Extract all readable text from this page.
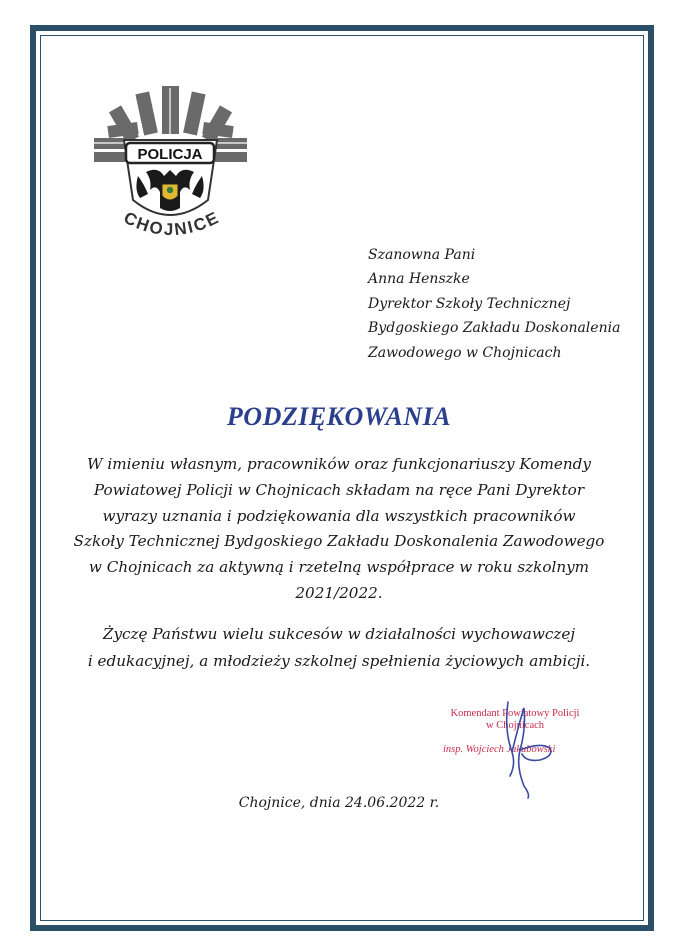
POLICJA
CHOJNICE
Szanowna Pani
Anna Henszke
Dyrektor Szkoły Technicznej
Bydgoskiego Zakładu Doskonalenia
Zawodowego w Chojnicach
PODZIĘKOWANIA
W imieniu własnym, pracowników oraz funkcjonariuszy Komendy
Powiatowej Policji w Chojnicach składam na ręce Pani Dyrektor
wyrazy uznania i podziękowania dla wszystkich pracowników
Szkoły Technicznej Bydgoskiego Zakładu Doskonalenia Zawodowego
w Chojnicach za aktywną i rzetelną współprace w roku szkolnym
2021/2022.
Życzę Państwu wielu sukcesów w działalności wychowawczej
i edukacyjnej, a młodzieży szkolnej spełnienia życiowych ambicji.
Komendant Powiatowy Policji
w Chojnicach
insp. Wojciech Jakubowski
Chojnice, dnia 24.06.2022 r.
